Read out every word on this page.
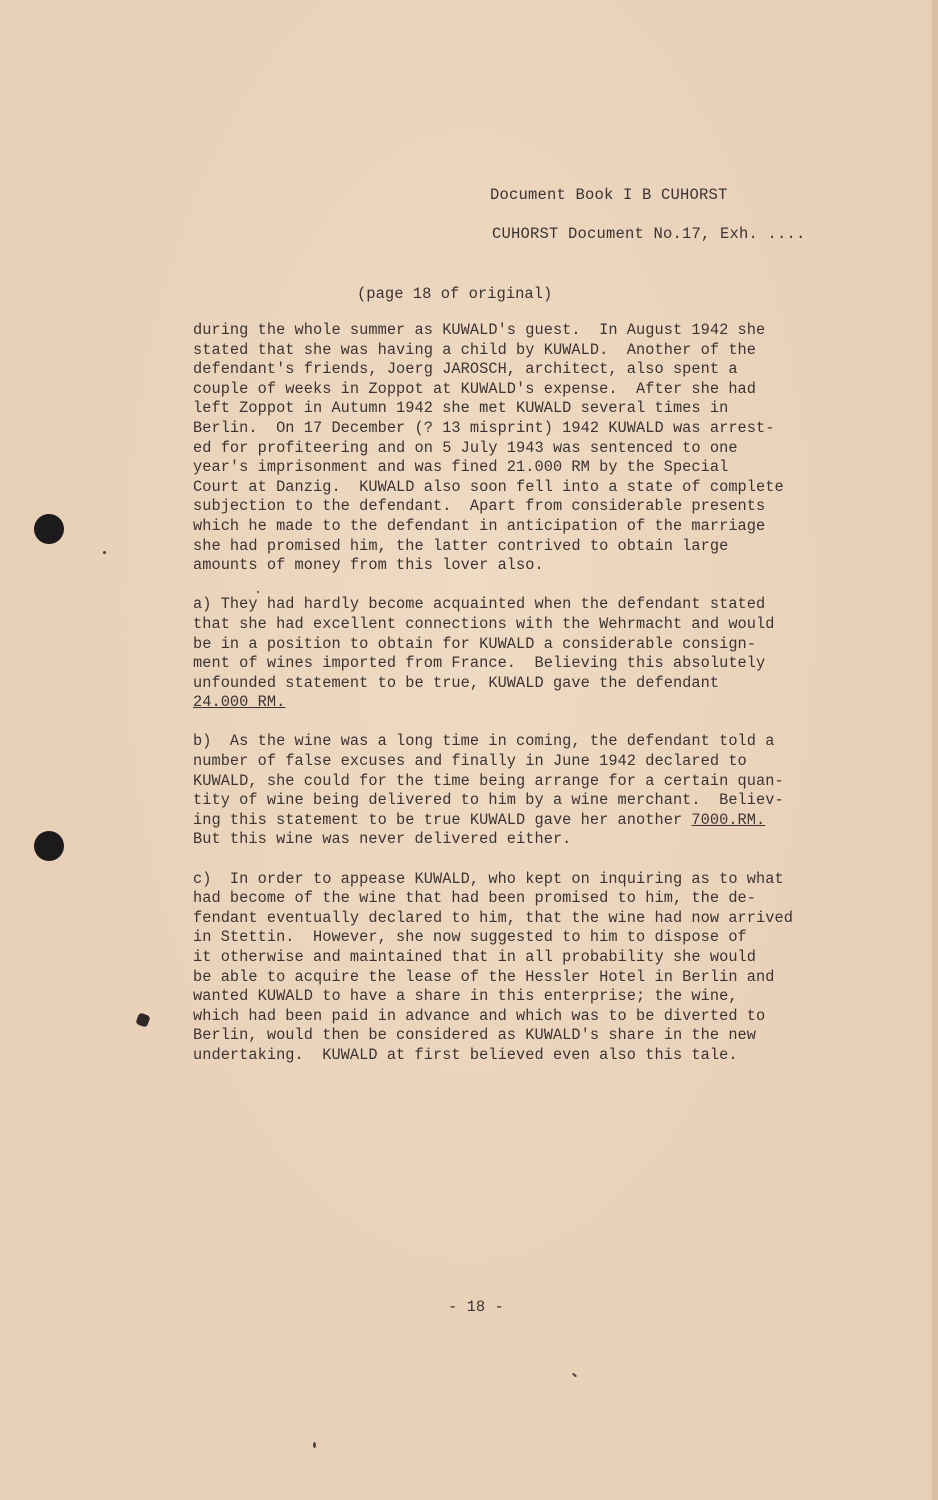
Document Book I B CUHORST
CUHORST Document No.17, Exh. ....
(page 18 of original)
during the whole summer as KUWALD's guest.  In August 1942 she
stated that she was having a child by KUWALD.  Another of the
defendant's friends, Joerg JAROSCH, architect, also spent a
couple of weeks in Zoppot at KUWALD's expense.  After she had
left Zoppot in Autumn 1942 she met KUWALD several times in
Berlin.  On 17 December (? 13 misprint) 1942 KUWALD was arrest-
ed for profiteering and on 5 July 1943 was sentenced to one
year's imprisonment and was fined 21.000 RM by the Special
Court at Danzig.  KUWALD also soon fell into a state of complete
subjection to the defendant.  Apart from considerable presents
which he made to the defendant in anticipation of the marriage
she had promised him, the latter contrived to obtain large
amounts of money from this lover also.
a) They had hardly become acquainted when the defendant stated
that she had excellent connections with the Wehrmacht and would
be in a position to obtain for KUWALD a considerable consign-
ment of wines imported from France.  Believing this absolutely
unfounded statement to be true, KUWALD gave the defendant
24.000 RM.
b)  As the wine was a long time in coming, the defendant told a
number of false excuses and finally in June 1942 declared to
KUWALD, she could for the time being arrange for a certain quan-
tity of wine being delivered to him by a wine merchant.  Believ-
ing this statement to be true KUWALD gave her another 7000.RM.
But this wine was never delivered either.
c)  In order to appease KUWALD, who kept on inquiring as to what
had become of the wine that had been promised to him, the de-
fendant eventually declared to him, that the wine had now arrived
in Stettin.  However, she now suggested to him to dispose of
it otherwise and maintained that in all probability she would
be able to acquire the lease of the Hessler Hotel in Berlin and
wanted KUWALD to have a share in this enterprise; the wine,
which had been paid in advance and which was to be diverted to
Berlin, would then be considered as KUWALD's share in the new
undertaking.  KUWALD at first believed even also this tale.
- 18 -
